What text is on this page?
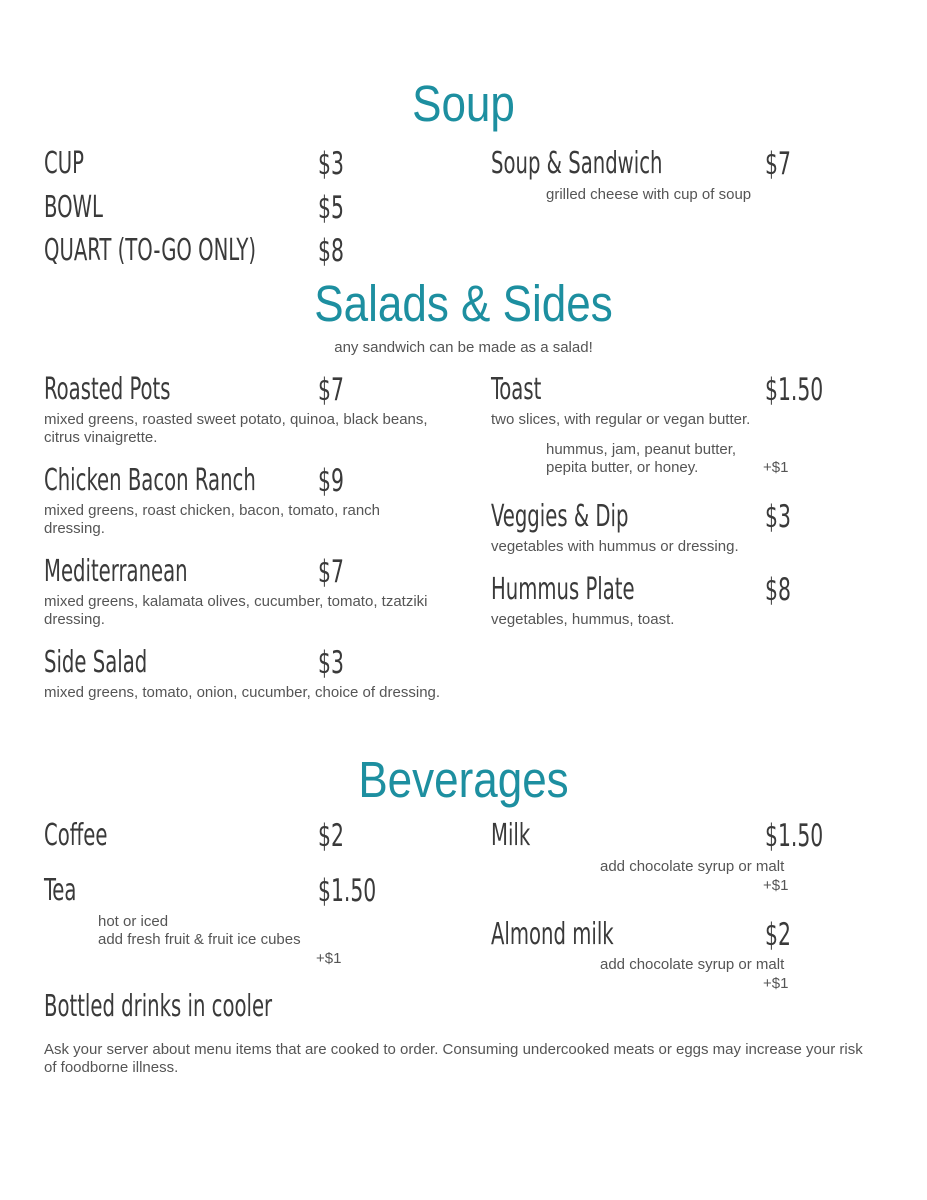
Soup
CUP	$3
BOWL	$5
QUART (TO-GO ONLY) $8
Soup & Sandwich	$7
grilled cheese with cup of soup
Salads & Sides
any sandwich can be made as a salad!
Roasted Pots	$7
mixed greens, roasted sweet potato, quinoa, black beans, citrus vinaigrette.
Chicken Bacon Ranch $9
mixed greens, roast chicken, bacon, tomato, ranch dressing.
Mediterranean	$7
mixed greens, kalamata olives, cucumber, tomato, tzatziki dressing.
Side Salad	$3
mixed greens, tomato, onion, cucumber, choice of dressing.
Toast	$1.50
two slices, with regular or vegan butter.
hummus, jam, peanut butter,
pepita butter, or honey.	+$1
Veggies & Dip	$3
vegetables with hummus or dressing.
Hummus Plate	$8
vegetables, hummus, toast.
Beverages
Coffee	$2
Tea	$1.50
hot or iced
add fresh fruit & fruit ice cubes
+$1
Milk	$1.50
add chocolate syrup or malt
+$1
Almond milk	$2
add chocolate syrup or malt
+$1
Bottled drinks in cooler
Ask your server about menu items that are cooked to order. Consuming undercooked meats or eggs may increase your risk of foodborne illness.
